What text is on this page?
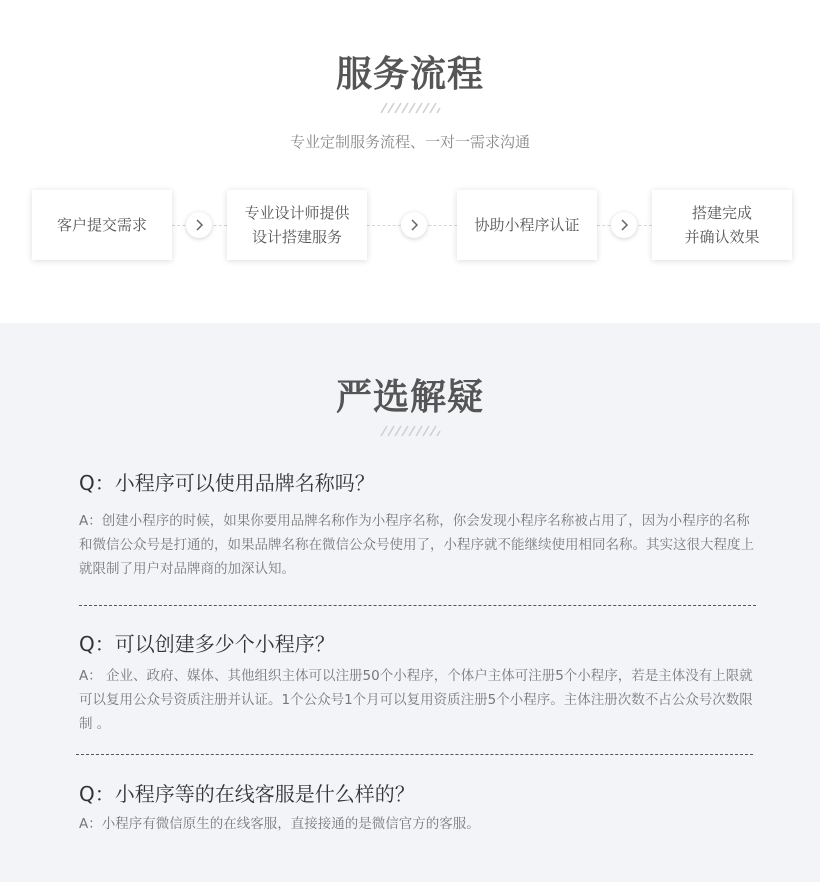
服务流程
专业定制服务流程、一对一需求沟通
客户提交需求
专业设计师提供
设计搭建服务
协助小程序认证
搭建完成
并确认效果
严选解疑
Q：小程序可以使用品牌名称吗？
A：创建小程序的时候，如果你要用品牌名称作为小程序名称，你会发现小程序名称被占用了，因为小程序的名称和微信公众号是打通的，如果品牌名称在微信公众号使用了，小程序就不能继续使用相同名称。其实这很大程度上就限制了用户对品牌商的加深认知。
Q：可以创建多少个小程序？
A： 企业、政府、媒体、其他组织主体可以注册50个小程序，个体户主体可注册5个小程序，若是主体没有上限就可以复用公众号资质注册并认证。1个公众号1个月可以复用资质注册5个小程序。主体注册次数不占公众号次数限制 。
Q：小程序等的在线客服是什么样的？
A：小程序有微信原生的在线客服，直接接通的是微信官方的客服。
